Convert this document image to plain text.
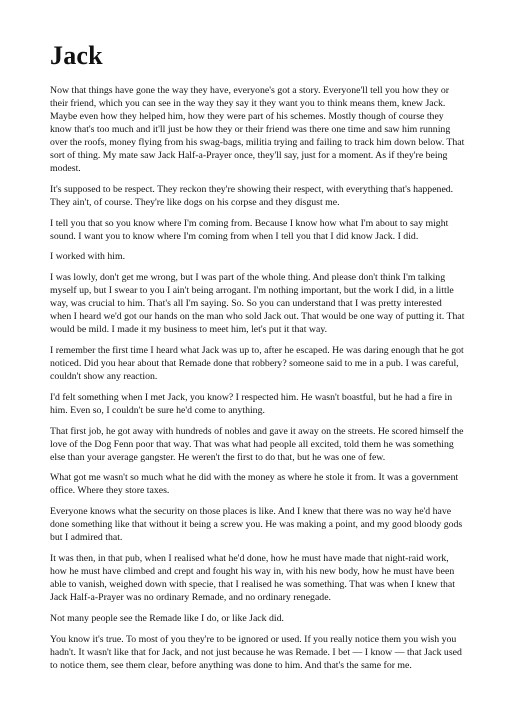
Jack

Now that things have gone the way they have, everyone's got a story. Everyone'll tell you how they or their friend, which you can see in the way they say it they want you to think means them, knew Jack. Maybe even how they helped him, how they were part of his schemes. Mostly though of course they know that's too much and it'll just be how they or their friend was there one time and saw him running over the roofs, money flying from his swag-bags, militia trying and failing to track him down below. That sort of thing. My mate saw Jack Half-a-Prayer once, they'll say, just for a moment. As if they're being modest.

It's supposed to be respect. They reckon they're showing their respect, with everything that's happened. They ain't, of course. They're like dogs on his corpse and they disgust me.

I tell you that so you know where I'm coming from. Because I know how what I'm about to say might sound. I want you to know where I'm coming from when I tell you that I did know Jack. I did.

I worked with him.

I was lowly, don't get me wrong, but I was part of the whole thing. And please don't think I'm talking myself up, but I swear to you I ain't being arrogant. I'm nothing important, but the work I did, in a little way, was crucial to him. That's all I'm saying. So. So you can understand that I was pretty interested when I heard we'd got our hands on the man who sold Jack out. That would be one way of putting it. That would be mild. I made it my business to meet him, let's put it that way.

I remember the first time I heard what Jack was up to, after he escaped. He was daring enough that he got noticed. Did you hear about that Remade done that robbery? someone said to me in a pub. I was careful, couldn't show any reaction.

I'd felt something when I met Jack, you know? I respected him. He wasn't boastful, but he had a fire in him. Even so, I couldn't be sure he'd come to anything.

That first job, he got away with hundreds of nobles and gave it away on the streets. He scored himself the love of the Dog Fenn poor that way. That was what had people all excited, told them he was something else than your average gangster. He weren't the first to do that, but he was one of few.

What got me wasn't so much what he did with the money as where he stole it from. It was a government office. Where they store taxes.

Everyone knows what the security on those places is like. And I knew that there was no way he'd have done something like that without it being a screw you. He was making a point, and my good bloody gods but I admired that.

It was then, in that pub, when I realised what he'd done, how he must have made that night-raid work, how he must have climbed and crept and fought his way in, with his new body, how he must have been able to vanish, weighed down with specie, that I realised he was something. That was when I knew that Jack Half-a-Prayer was no ordinary Remade, and no ordinary renegade.

Not many people see the Remade like I do, or like Jack did.

You know it's true. To most of you they're to be ignored or used. If you really notice them you wish you hadn't. It wasn't like that for Jack, and not just because he was Remade. I bet — I know — that Jack used to notice them, see them clear, before anything was done to him. And that's the same for me.
